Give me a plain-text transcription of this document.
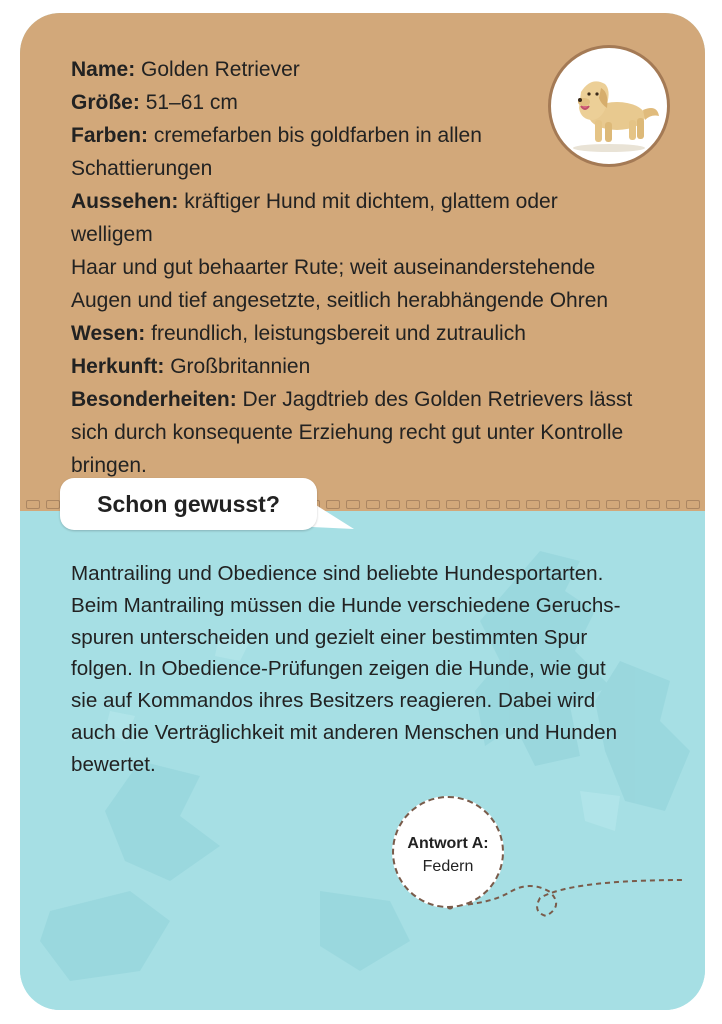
Name: Golden Retriever
Größe: 51–61 cm
Farben: cremefarben bis goldfarben in allen
Schattierungen
Aussehen: kräftiger Hund mit dichtem, glattem oder welligem
Haar und gut behaarter Rute; weit auseinanderstehende
Augen und tief angesetzte, seitlich herabhängende Ohren
Wesen: freundlich, leistungsbereit und zutraulich
Herkunft: Großbritannien
Besonderheiten: Der Jagdtrieb des Golden Retrievers lässt
sich durch konsequente Erziehung recht gut unter Kontrolle
bringen.
Schon gewusst?
Mantrailing und Obedience sind beliebte Hundesportarten.
Beim Mantrailing müssen die Hunde verschiedene Geruchs-
spuren unterscheiden und gezielt einer bestimmten Spur
folgen. In Obedience-Prüfungen zeigen die Hunde, wie gut
sie auf Kommandos ihres Besitzers reagieren. Dabei wird
auch die Verträglichkeit mit anderen Menschen und Hunden
bewertet.
Antwort A:
Federn
